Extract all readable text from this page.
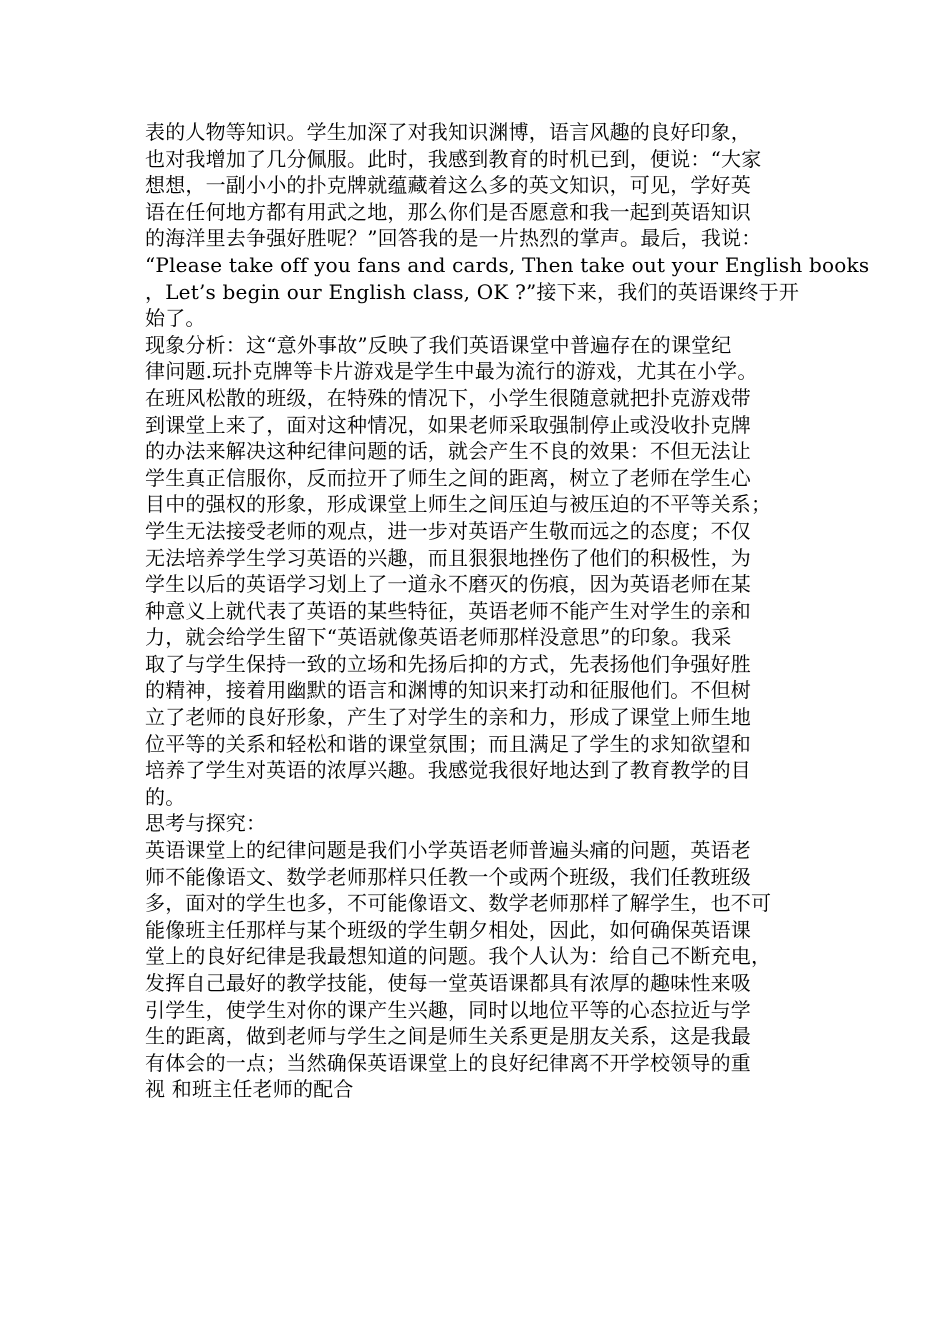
表的人物等知识。学生加深了对我知识渊博，语言风趣的良好印象，
也对我增加了几分佩服。此时，我感到教育的时机已到，便说：“大家
想想，一副小小的扑克牌就蕴藏着这么多的英文知识，可见，学好英
语在任何地方都有用武之地，那么你们是否愿意和我一起到英语知识
的海洋里去争强好胜呢？”回答我的是一片热烈的掌声。最后，我说：
“Please take off you fans and cards, Then take out your English books
，Let’s begin our English class, OK ?”接下来，我们的英语课终于开
始了。
现象分析：这“意外事故”反映了我们英语课堂中普遍存在的课堂纪
律问题.玩扑克牌等卡片游戏是学生中最为流行的游戏，尤其在小学。
在班风松散的班级，在特殊的情况下，小学生很随意就把扑克游戏带
到课堂上来了，面对这种情况，如果老师采取强制停止或没收扑克牌
的办法来解决这种纪律问题的话，就会产生不良的效果：不但无法让
学生真正信服你，反而拉开了师生之间的距离，树立了老师在学生心
目中的强权的形象，形成课堂上师生之间压迫与被压迫的不平等关系；
学生无法接受老师的观点，进一步对英语产生敬而远之的态度；不仅
无法培养学生学习英语的兴趣，而且狠狠地挫伤了他们的积极性，为
学生以后的英语学习划上了一道永不磨灭的伤痕，因为英语老师在某
种意义上就代表了英语的某些特征，英语老师不能产生对学生的亲和
力，就会给学生留下“英语就像英语老师那样没意思”的印象。我采
取了与学生保持一致的立场和先扬后抑的方式，先表扬他们争强好胜
的精神，接着用幽默的语言和渊博的知识来打动和征服他们。不但树
立了老师的良好形象，产生了对学生的亲和力，形成了课堂上师生地
位平等的关系和轻松和谐的课堂氛围；而且满足了学生的求知欲望和
培养了学生对英语的浓厚兴趣。我感觉我很好地达到了教育教学的目
的。
思考与探究：
英语课堂上的纪律问题是我们小学英语老师普遍头痛的问题，英语老
师不能像语文、数学老师那样只任教一个或两个班级，我们任教班级
多，面对的学生也多，不可能像语文、数学老师那样了解学生，也不可
能像班主任那样与某个班级的学生朝夕相处，因此，如何确保英语课
堂上的良好纪律是我最想知道的问题。我个人认为：给自己不断充电，
发挥自己最好的教学技能，使每一堂英语课都具有浓厚的趣味性来吸
引学生，使学生对你的课产生兴趣，同时以地位平等的心态拉近与学
生的距离，做到老师与学生之间是师生关系更是朋友关系，这是我最
有体会的一点；当然确保英语课堂上的良好纪律离不开学校领导的重
视 和班主任老师的配合
